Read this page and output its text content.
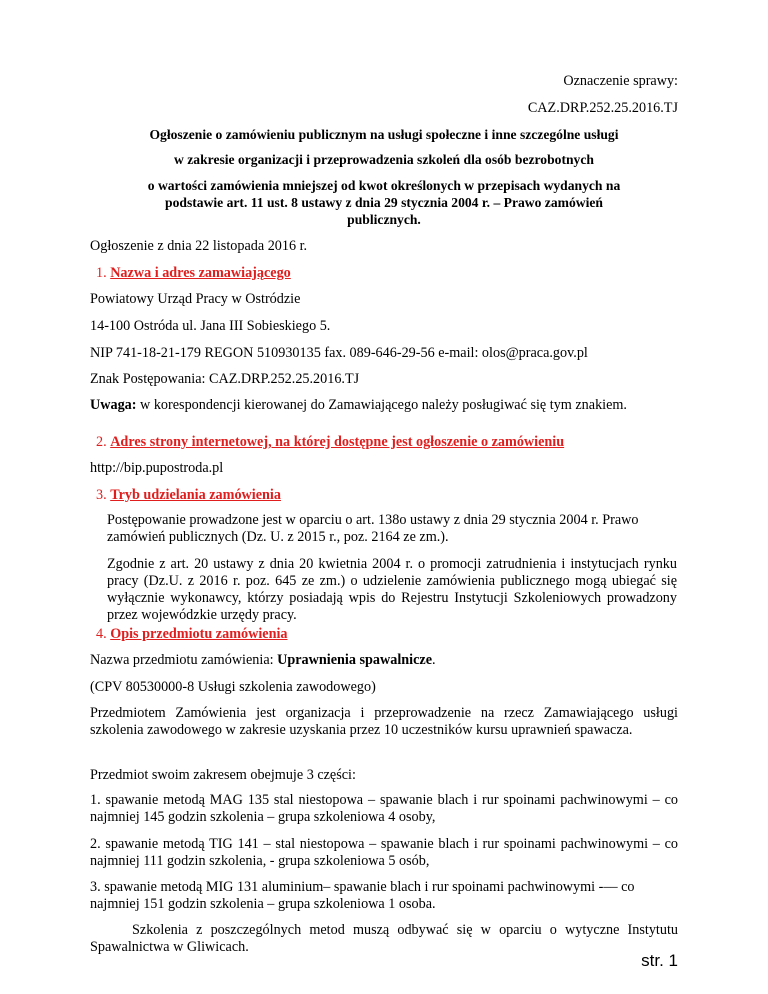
Oznaczenie sprawy:
CAZ.DRP.252.25.2016.TJ
Ogłoszenie o zamówieniu publicznym na usługi społeczne i inne szczególne usługi
w zakresie organizacji i przeprowadzenia szkoleń dla osób bezrobotnych
o wartości zamówienia mniejszej od kwot określonych w przepisach wydanych na
podstawie art. 11 ust. 8 ustawy z dnia 29 stycznia 2004 r. – Prawo zamówień
publicznych.
Ogłoszenie z dnia 22 listopada 2016 r.
1. Nazwa i adres zamawiającego
Powiatowy Urząd Pracy w Ostródzie
14-100 Ostróda ul. Jana III Sobieskiego 5.
NIP 741-18-21-179 REGON 510930135 fax. 089-646-29-56 e-mail: olos@praca.gov.pl
Znak Postępowania: CAZ.DRP.252.25.2016.TJ
Uwaga: w korespondencji kierowanej do Zamawiającego należy posługiwać się tym znakiem.
2. Adres strony internetowej, na której dostępne jest ogłoszenie o zamówieniu
http://bip.pupostroda.pl
3. Tryb udzielania zamówienia
Postępowanie prowadzone jest w oparciu o art. 138o ustawy z dnia 29 stycznia 2004 r. Prawo zamówień publicznych (Dz. U. z 2015 r., poz. 2164 ze zm.).
Zgodnie z art. 20 ustawy z dnia 20 kwietnia 2004 r. o promocji zatrudnienia i instytucjach rynku pracy (Dz.U. z 2016 r. poz. 645 ze zm.) o udzielenie zamówienia publicznego mogą ubiegać się wyłącznie wykonawcy, którzy posiadają wpis do Rejestru Instytucji Szkoleniowych prowadzony przez wojewódzkie urzędy pracy.
4. Opis przedmiotu zamówienia
Nazwa przedmiotu zamówienia: Uprawnienia spawalnicze.
(CPV 80530000-8 Usługi szkolenia zawodowego)
Przedmiotem Zamówienia jest organizacja i przeprowadzenie na rzecz Zamawiającego usługi szkolenia zawodowego w zakresie uzyskania przez 10 uczestników kursu uprawnień spawacza.
Przedmiot swoim zakresem obejmuje 3 części:
1. spawanie metodą MAG 135 stal niestopowa – spawanie blach i rur spoinami pachwinowymi – co najmniej 145 godzin szkolenia – grupa szkoleniowa 4 osoby,
2. spawanie metodą TIG 141 – stal niestopowa – spawanie blach i rur spoinami pachwinowymi – co najmniej 111 godzin szkolenia, - grupa szkoleniowa 5 osób,
3. spawanie metodą MIG 131 aluminium– spawanie blach i rur spoinami pachwinowymi -–– co najmniej 151 godzin szkolenia – grupa szkoleniowa 1 osoba.
Szkolenia z poszczególnych metod muszą odbywać się w oparciu o wytyczne Instytutu Spawalnictwa w Gliwicach.
str. 1
